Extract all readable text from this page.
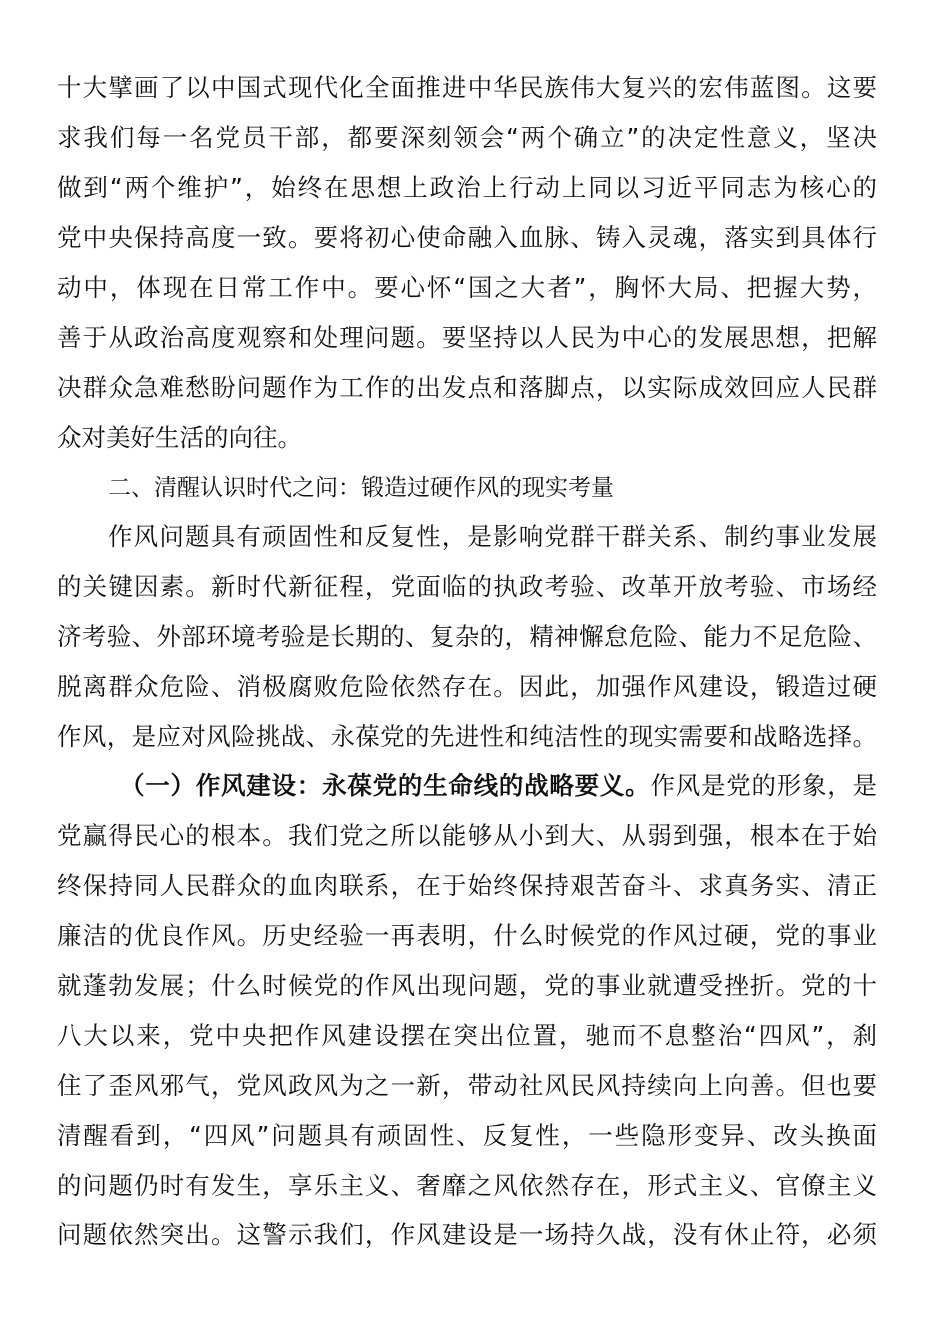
十大擘画了以中国式现代化全面推进中华民族伟大复兴的宏伟蓝图。这要
求我们每一名党员干部，都要深刻领会“两个确立”的决定性意义，坚决
做到“两个维护”，始终在思想上政治上行动上同以习近平同志为核心的
党中央保持高度一致。要将初心使命融入血脉、铸入灵魂，落实到具体行
动中，体现在日常工作中。要心怀“国之大者”，胸怀大局、把握大势，
善于从政治高度观察和处理问题。要坚持以人民为中心的发展思想，把解
决群众急难愁盼问题作为工作的出发点和落脚点，以实际成效回应人民群
众对美好生活的向往。
二、清醒认识时代之问：锻造过硬作风的现实考量
作风问题具有顽固性和反复性，是影响党群干群关系、制约事业发展
的关键因素。新时代新征程，党面临的执政考验、改革开放考验、市场经
济考验、外部环境考验是长期的、复杂的，精神懈怠危险、能力不足危险、
脱离群众危险、消极腐败危险依然存在。因此，加强作风建设，锻造过硬
作风，是应对风险挑战、永葆党的先进性和纯洁性的现实需要和战略选择。
（一）作风建设：永葆党的生命线的战略要义。作风是党的形象，是
党赢得民心的根本。我们党之所以能够从小到大、从弱到强，根本在于始
终保持同人民群众的血肉联系，在于始终保持艰苦奋斗、求真务实、清正
廉洁的优良作风。历史经验一再表明，什么时候党的作风过硬，党的事业
就蓬勃发展；什么时候党的作风出现问题，党的事业就遭受挫折。党的十
八大以来，党中央把作风建设摆在突出位置，驰而不息整治“四风”，刹
住了歪风邪气，党风政风为之一新，带动社风民风持续向上向善。但也要
清醒看到，“四风”问题具有顽固性、反复性，一些隐形变异、改头换面
的问题仍时有发生，享乐主义、奢靡之风依然存在，形式主义、官僚主义
问题依然突出。这警示我们，作风建设是一场持久战，没有休止符，必须
